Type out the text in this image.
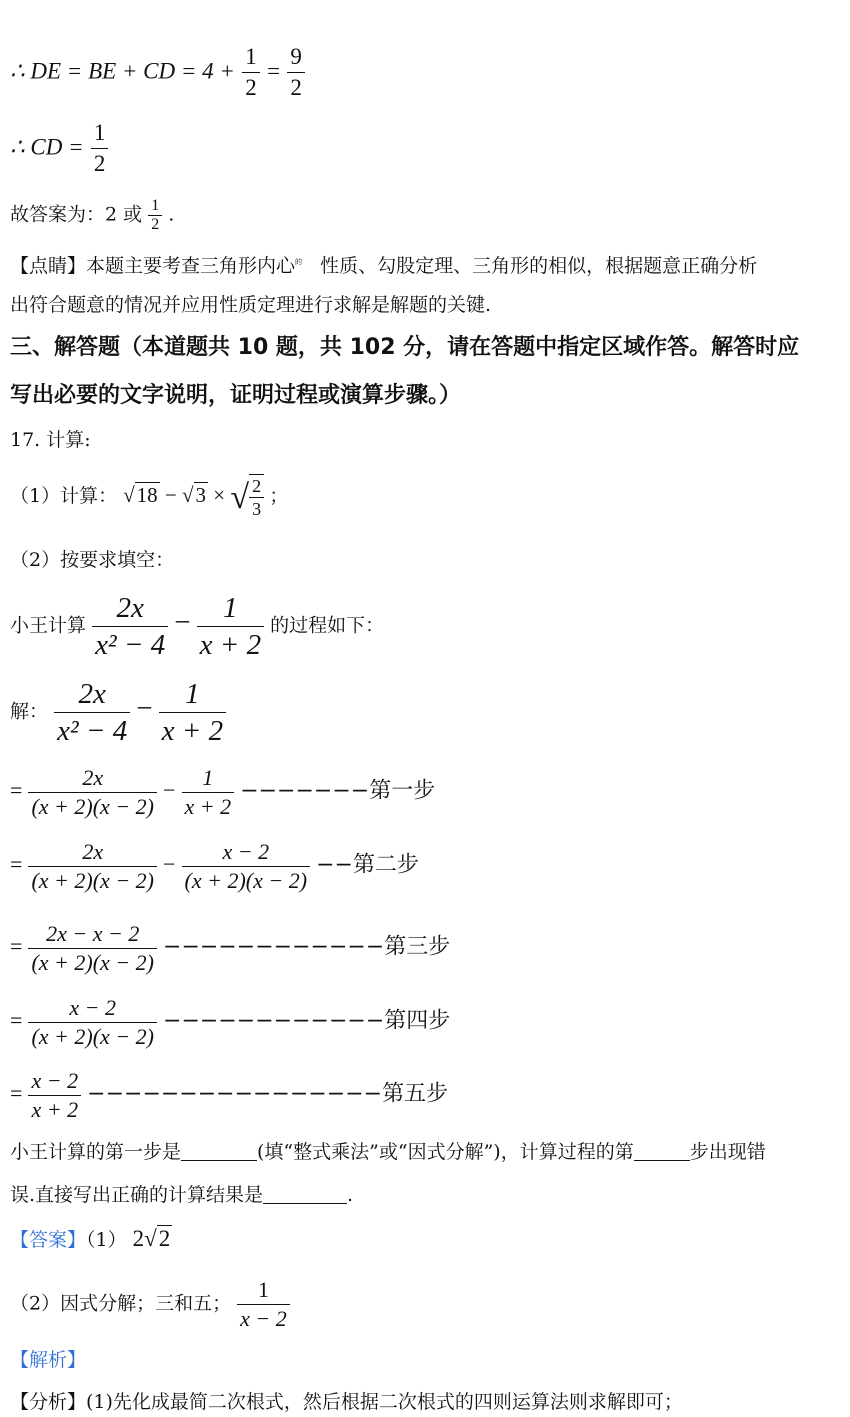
∴ DE = BE + CD = $4 + \frac{1}{2} = \frac{9}{2}$
∴ CD = $\frac{1}{2}$
故答案为：2 或 $\frac{1}{2}$ .
【点睛】本题主要考查三角形内心$^的$ 性质、勾股定理、三角形的相似，根据题意正确分析
出符合题意的情况并应用性质定理进行求解是解题的关键.
三、解答题（本道题共 10 题，共 102 分，请在答题中指定区域作答。解答时应
写出必要的文字说明，证明过程或演算步骤。）
17. 计算:
（1）计算： √18 − √3 × √ $\frac{2}{3}$ ；
（2）按要求填空：
小王计算 $\frac{2x}{\text{x² − 4}} - \frac{1}{x + 2}$ 的过程如下：
解： $\frac{2x}{\text{x² − 4}} - \frac{1}{x + 2}$
= $\frac{2x}{(x + 2)(x - 2)} - \frac{1}{x + 2}$ −−−−−−−第一步
= $\frac{2x}{(x + 2)(x - 2)} - \frac{x - 2}{(x + 2)(x - 2)}$ −−第二步
= $\frac{2x - x - 2}{(x + 2)(x - 2)}$ −−−−−−−−−−−−第三步
= $\frac{x - 2}{(x + 2)(x - 2)}$ −−−−−−−−−−−−第四步
= $\frac{x - 2}{x + 2}$ −−−−−−−−−−−−−−−−第五步
小王计算的第一步是	(填“整式乘法”或“因式分解”)，计算过程的第	步出现错
误.直接写出正确的计算结果是	.
【答案】（1） 2√2
（2）因式分解；三和五； $\frac{1}{x - 2}$
【解析】
【分析】(1)先化成最简二次根式，然后根据二次根式的四则运算法则求解即可；
